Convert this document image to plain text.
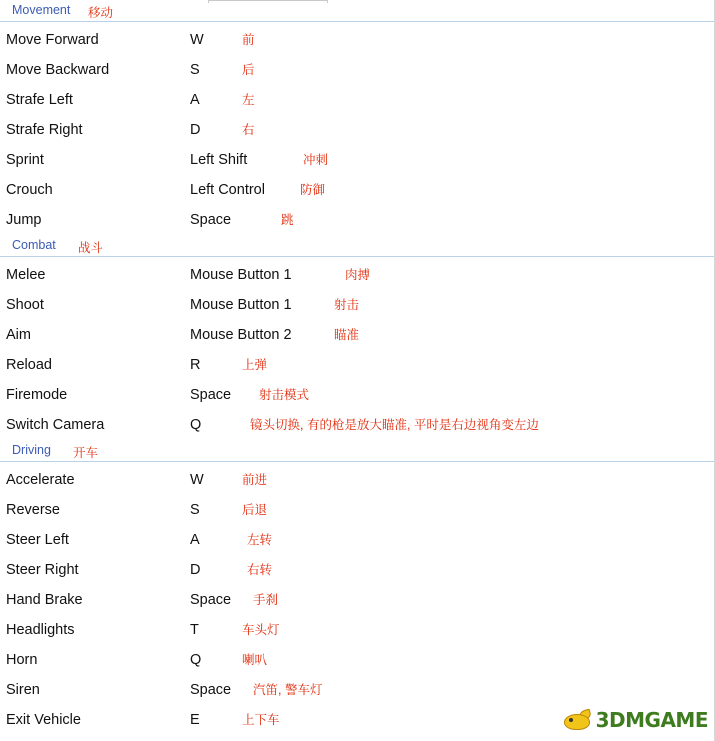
Movement 移动
Move Forward	W	前
Move Backward	S	后
Strafe Left	A	左
Strafe Right	D	右
Sprint	Left Shift	冲刺
Crouch	Left Control	防御
Jump	Space	跳
Combat 战斗
Melee	Mouse Button 1	肉搏
Shoot	Mouse Button 1	射击
Aim	Mouse Button 2	瞄准
Reload	R	上弹
Firemode	Space 射击模式
Switch Camera	Q	镜头切换, 有的枪是放大瞄准, 平时是右边视角变左边
Driving 开车
Accelerate	W	前进
Reverse	S	后退
Steer Left	A	左转
Steer Right	D	右转
Hand Brake	Space 手刹
Headlights	T	车头灯
Horn	Q	喇叭
Siren	Space 汽笛, 警车灯
Exit Vehicle	E	上下车	3DMGAME
